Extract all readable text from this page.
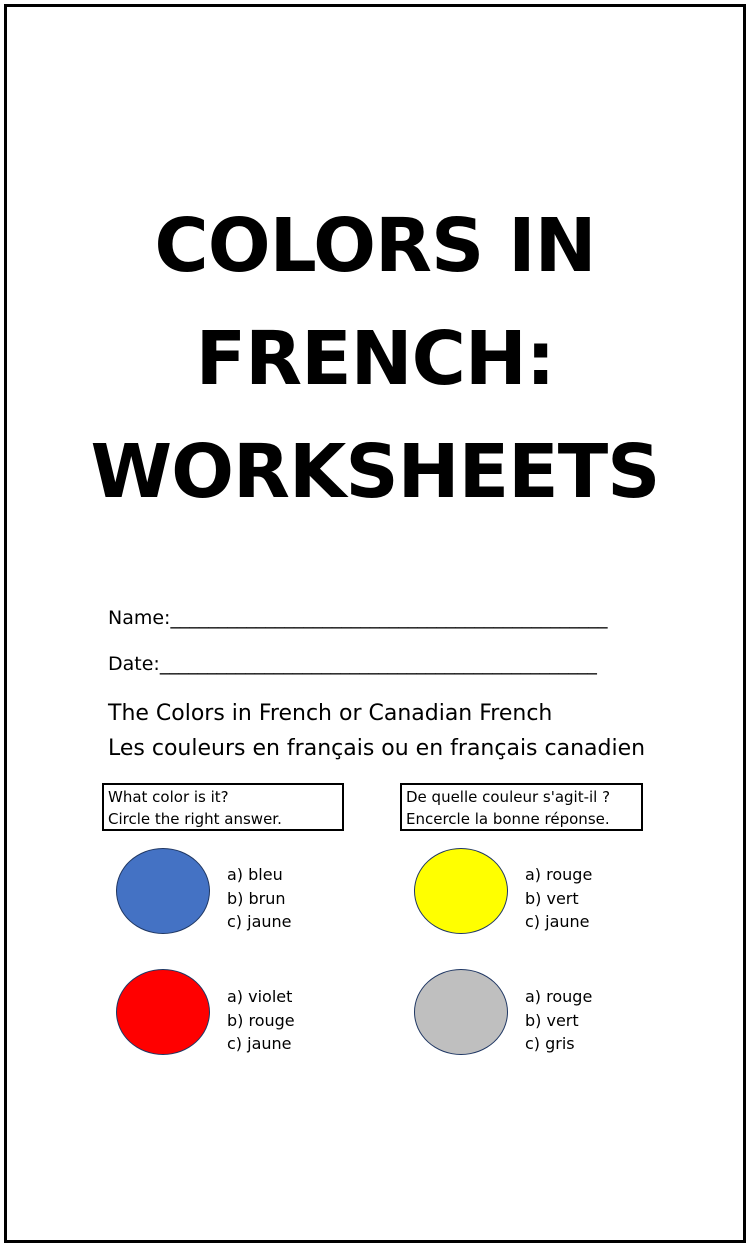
COLORS IN
FRENCH:
WORKSHEETS
Name:______________________________________________
Date:______________________________________________
The Colors in French or Canadian French
Les couleurs en français ou en français canadien
What color is it?
Circle the right answer.
De quelle couleur s'agit-il ?
Encercle la bonne réponse.
a) bleu
b) brun
c) jaune
a) rouge
b) vert
c) jaune
a) violet
b) rouge
c) jaune
a) rouge
b) vert
c) gris
